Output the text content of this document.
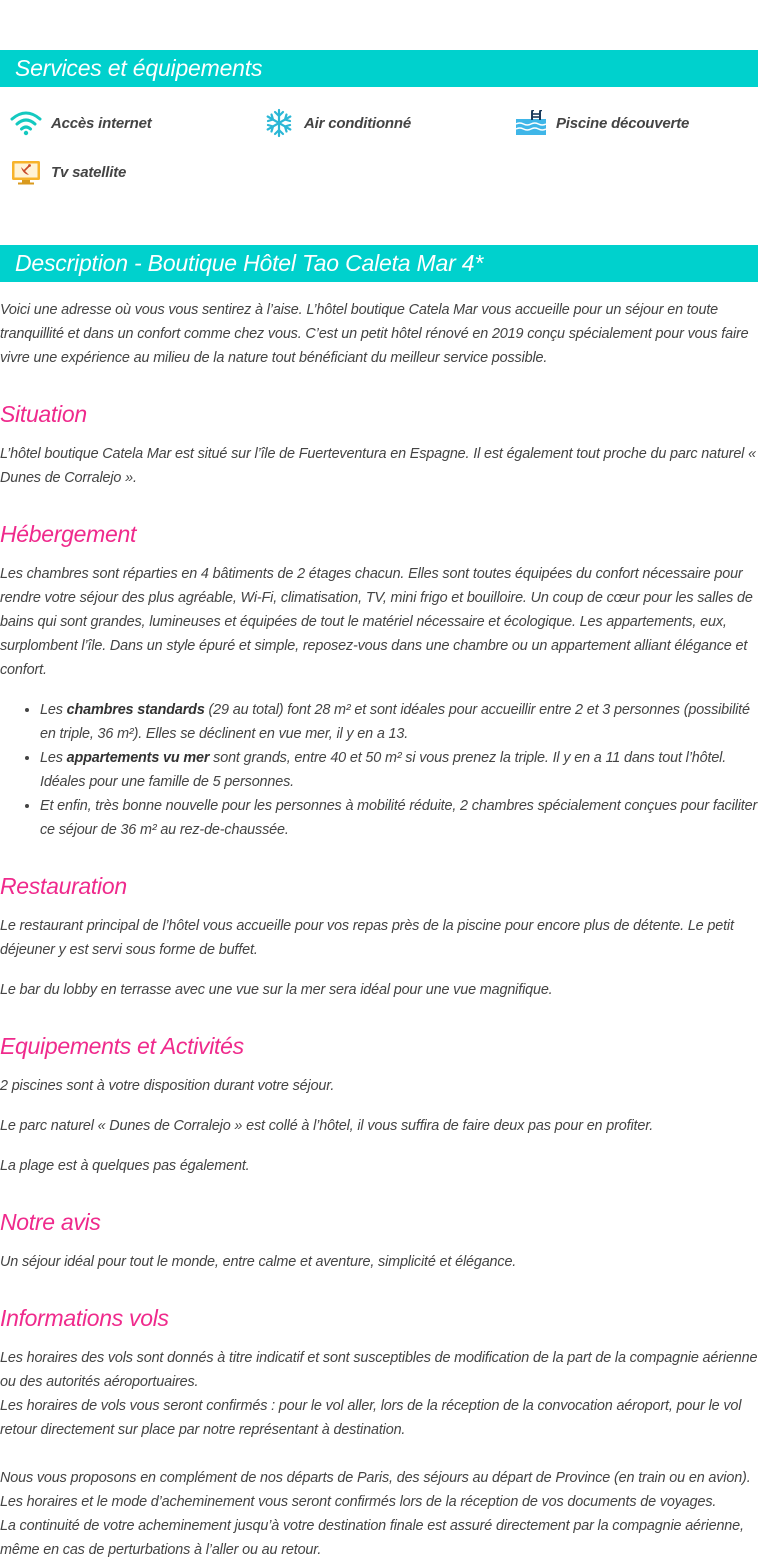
Services et équipements
Accès internet	Air conditionné	Piscine découverte
Tv satellite
Description - Boutique Hôtel Tao Caleta Mar 4*

Voici une adresse où vous vous sentirez à l’aise. L’hôtel boutique Catela Mar vous accueille pour un séjour en toute tranquillité et dans un confort comme chez vous. C’est un petit hôtel rénové en 2019 conçu spécialement pour vous faire vivre une expérience au milieu de la nature tout bénéficiant du meilleur service possible.

Situation

L’hôtel boutique Catela Mar est situé sur l’île de Fuerteventura en Espagne. Il est également tout proche du parc naturel « Dunes de Corralejo ».

Hébergement

Les chambres sont réparties en 4 bâtiments de 2 étages chacun. Elles sont toutes équipées du confort nécessaire pour rendre votre séjour des plus agréable, Wi-Fi, climatisation, TV, mini frigo et bouilloire. Un coup de cœur pour les salles de bains qui sont grandes, lumineuses et équipées de tout le matériel nécessaire et écologique. Les appartements, eux, surplombent l’île. Dans un style épuré et simple, reposez-vous dans une chambre ou un appartement alliant élégance et confort.

• Les chambres standards (29 au total) font 28 m² et sont idéales pour accueillir entre 2 et 3 personnes (possibilité en triple, 36 m²). Elles se déclinent en vue mer, il y en a 13.
• Les appartements vu mer sont grands, entre 40 et 50 m² si vous prenez la triple. Il y en a 11 dans tout l’hôtel. Idéales pour une famille de 5 personnes.
• Et enfin, très bonne nouvelle pour les personnes à mobilité réduite, 2 chambres spécialement conçues pour faciliter ce séjour de 36 m² au rez-de-chaussée.
Restauration

Le restaurant principal de l’hôtel vous accueille pour vos repas près de la piscine pour encore plus de détente. Le petit déjeuner y est servi sous forme de buffet.

Le bar du lobby en terrasse avec une vue sur la mer sera idéal pour une vue magnifique.

Equipements et Activités

2 piscines sont à votre disposition durant votre séjour.

Le parc naturel « Dunes de Corralejo » est collé à l’hôtel, il vous suffira de faire deux pas pour en profiter.

La plage est à quelques pas également.

Notre avis

Un séjour idéal pour tout le monde, entre calme et aventure, simplicité et élégance.

Informations vols

Les horaires des vols sont donnés à titre indicatif et sont susceptibles de modification de la part de la compagnie aérienne ou des autorités aéroportuaires.

Les horaires de vols vous seront confirmés : pour le vol aller, lors de la réception de la convocation aéroport, pour le vol retour directement sur place par notre représentant à destination.

Nous vous proposons en complément de nos départs de Paris, des séjours au départ de Province (en train ou en avion).

Les horaires et le mode d’acheminement vous seront confirmés lors de la réception de vos documents de voyages.

La continuité de votre acheminement jusqu’à votre destination finale est assuré directement par la compagnie aérienne, même en cas de perturbations à l’aller ou au retour.
